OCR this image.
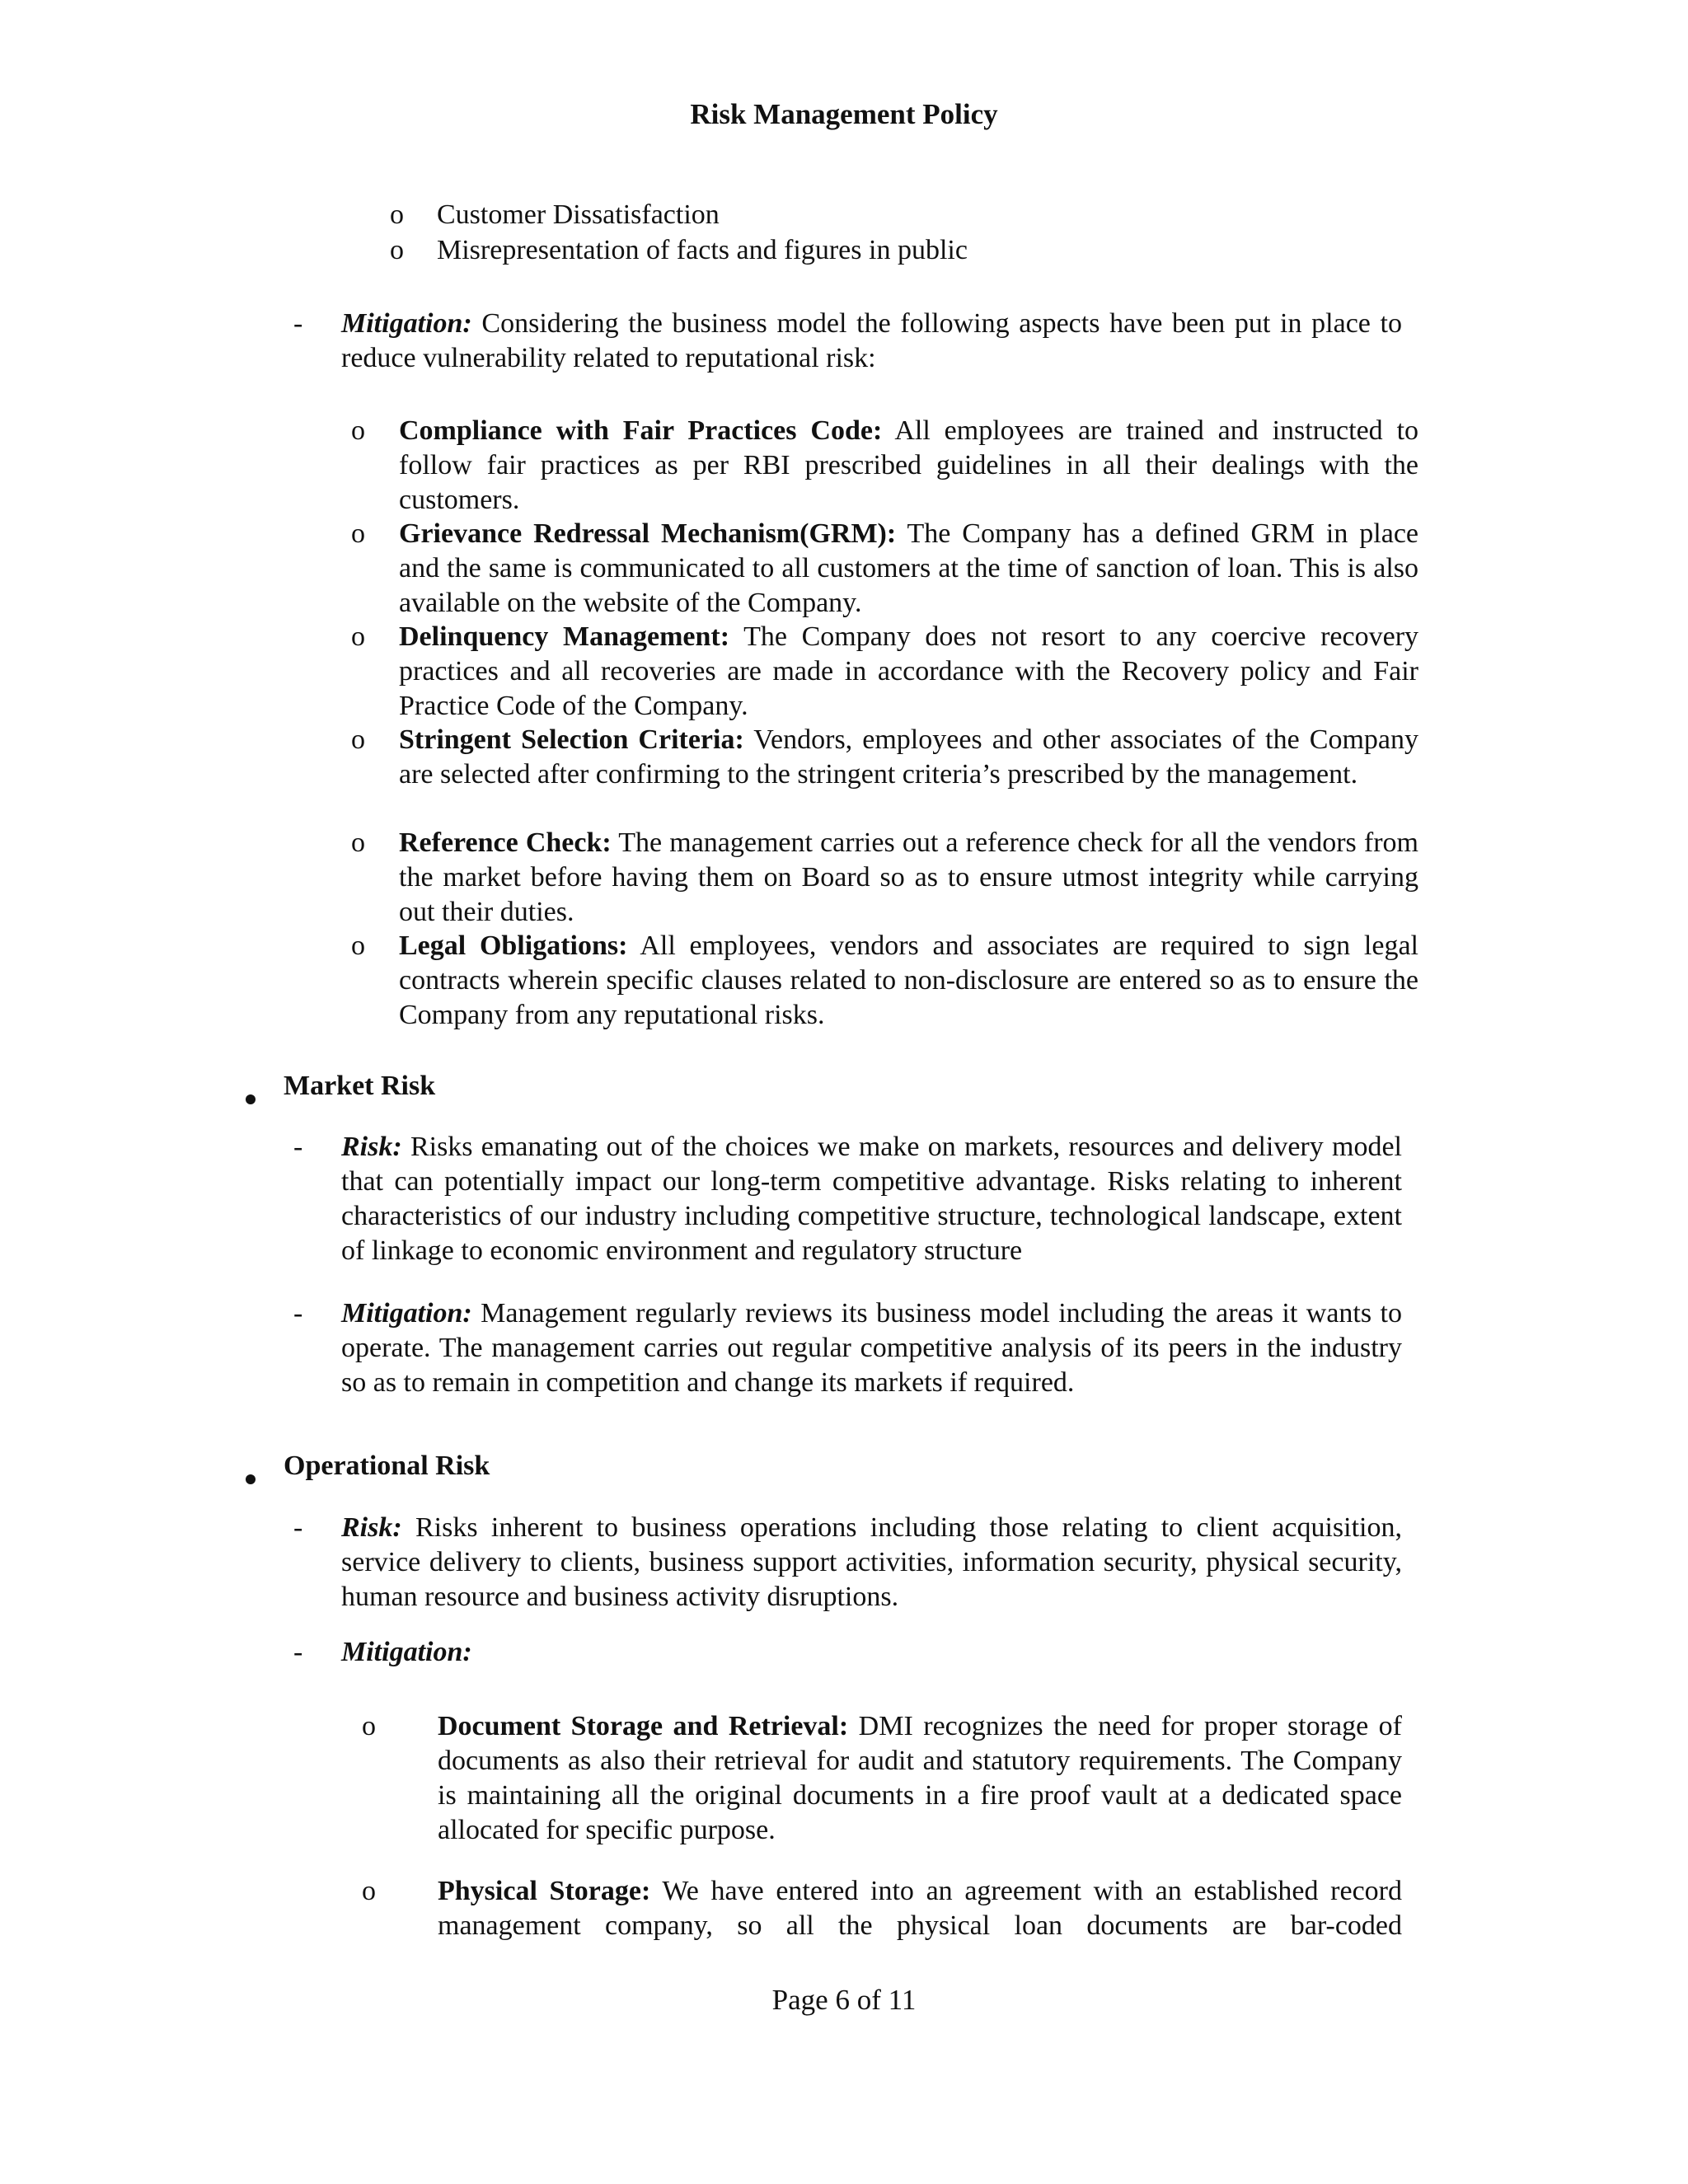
Risk Management Policy
o Customer Dissatisfaction
o Misrepresentation of facts and figures in public
- Mitigation: Considering the business model the following aspects have been put in place to reduce vulnerability related to reputational risk:
o Compliance with Fair Practices Code: All employees are trained and instructed to follow fair practices as per RBI prescribed guidelines in all their dealings with the customers.
o Grievance Redressal Mechanism(GRM): The Company has a defined GRM in place and the same is communicated to all customers at the time of sanction of loan. This is also available on the website of the Company.
o Delinquency Management: The Company does not resort to any coercive recovery practices and all recoveries are made in accordance with the Recovery policy and Fair Practice Code of the Company.
o Stringent Selection Criteria: Vendors, employees and other associates of the Company are selected after confirming to the stringent criteria’s prescribed by the management.
o Reference Check: The management carries out a reference check for all the vendors from the market before having them on Board so as to ensure utmost integrity while carrying out their duties.
o Legal Obligations: All employees, vendors and associates are required to sign legal contracts wherein specific clauses related to non-disclosure are entered so as to ensure the Company from any reputational risks.
Market Risk
- Risk: Risks emanating out of the choices we make on markets, resources and delivery model that can potentially impact our long-term competitive advantage. Risks relating to inherent characteristics of our industry including competitive structure, technological landscape, extent of linkage to economic environment and regulatory structure
- Mitigation: Management regularly reviews its business model including the areas it wants to operate. The management carries out regular competitive analysis of its peers in the industry so as to remain in competition and change its markets if required.
Operational Risk
- Risk: Risks inherent to business operations including those relating to client acquisition, service delivery to clients, business support activities, information security, physical security, human resource and business activity disruptions.
- Mitigation:
o Document Storage and Retrieval: DMI recognizes the need for proper storage of documents as also their retrieval for audit and statutory requirements. The Company is maintaining all the original documents in a fire proof vault at a dedicated space allocated for specific purpose.
o Physical Storage: We have entered into an agreement with an established record management company, so all the physical loan documents are bar-coded
Page 6 of 11
